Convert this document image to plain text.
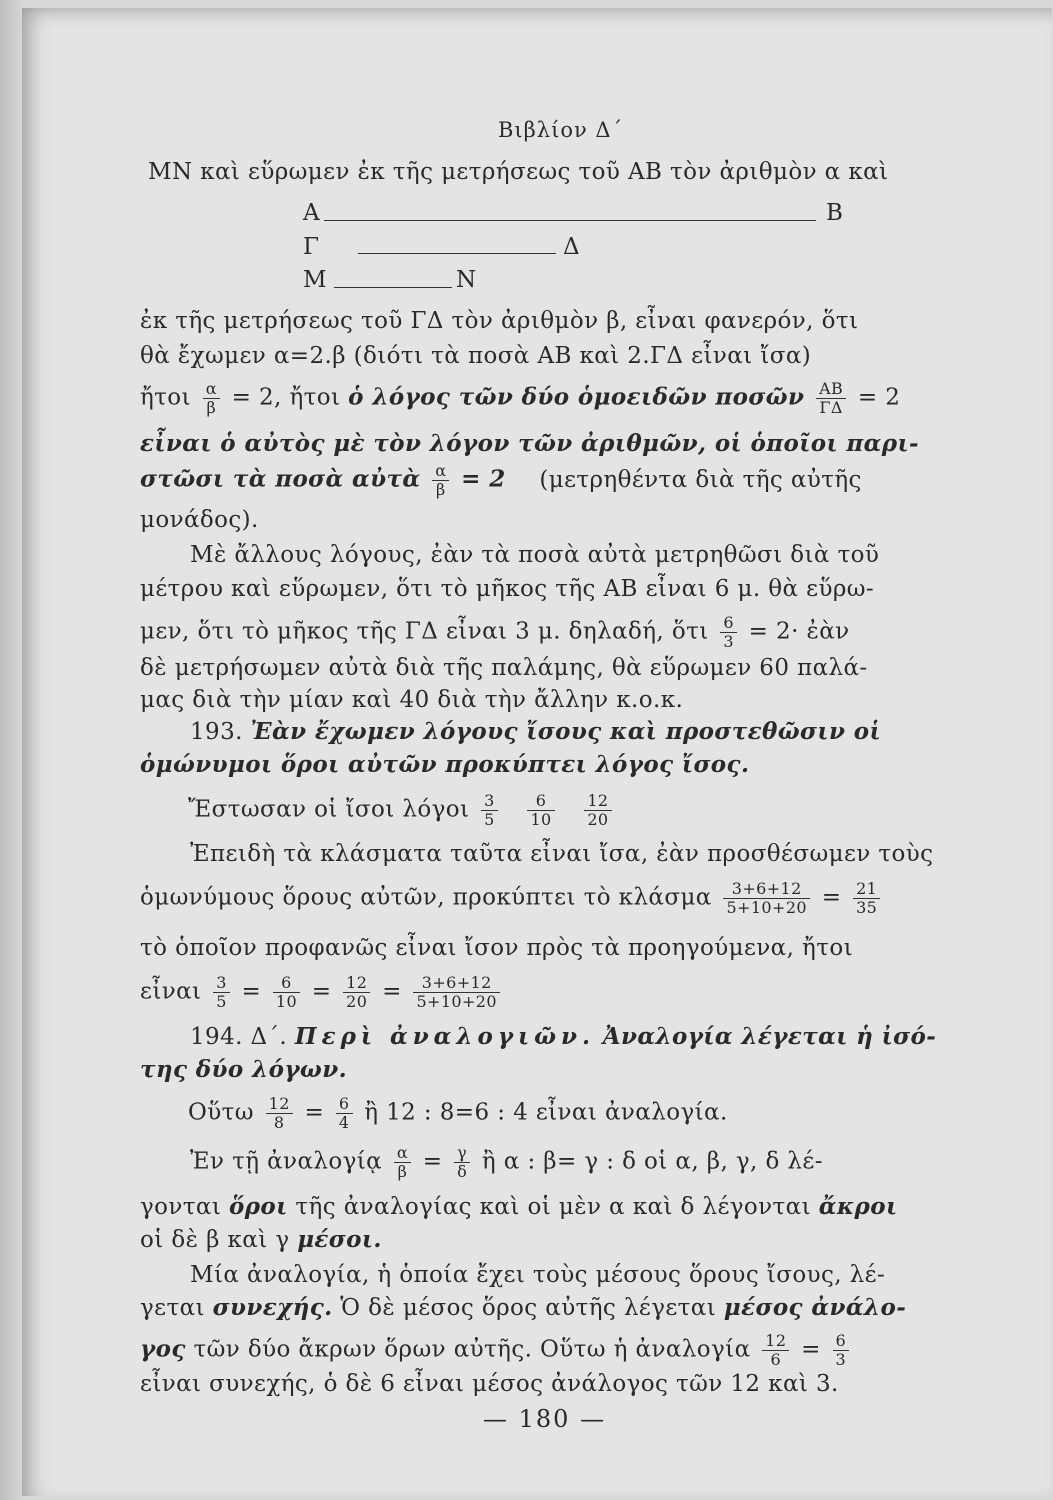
Βιβλίον Δ΄
MN καὶ εὕρωμεν ἐκ τῆς μετρήσεως τοῦ AB τὸν ἀριθμὸν α καὶ
A	B
Γ	Δ
M	N
ἐκ τῆς μετρήσεως τοῦ ΓΔ τὸν ἀριθμὸν β, εἶναι φανερόν, ὅτι
θὰ ἔχωμεν α=2.β (διότι τὰ ποσὰ AB καὶ 2.ΓΔ εἶναι ἴσα)
ἤτοι $\frac{\alpha}{\beta} = 2$, ἤτοι ὁ λόγος τῶν δύο ὁμοειδῶν ποσῶν $\frac{AB}{\Gamma\Delta} = 2$
εἶναι ὁ αὐτὸς μὲ τὸν λόγον τῶν ἀριθμῶν, οἱ ὁποῖοι παρι-
στῶσι τὰ ποσὰ αὐτὰ $\frac{\alpha}{\beta} = 2$ (μετρηθέντα διὰ τῆς αὐτῆς
μονάδος).
Μὲ ἄλλους λόγους, ἐὰν τὰ ποσὰ αὐτὰ μετρηθῶσι διὰ τοῦ
μέτρου καὶ εὕρωμεν, ὅτι τὸ μῆκος τῆς AB εἶναι 6 μ. θὰ εὕρω-
μεν, ὅτι τὸ μῆκος τῆς ΓΔ εἶναι 3 μ. δηλαδή, ὅτι $\frac{6}{3} = 2\cdot$ ἐὰν
δὲ μετρήσωμεν αὐτὰ διὰ τῆς παλάμης, θὰ εὕρωμεν 60 παλά-
μας διὰ τὴν μίαν καὶ 40 διὰ τὴν ἄλλην κ.ο.κ.
193. Ἐὰν ἔχωμεν λόγους ἴσους καὶ προστεθῶσιν οἱ
ὁμώνυμοι ὅροι αὐτῶν προκύπτει λόγος ἴσος.
Ἔστωσαν οἱ ἴσοι λόγοι $\frac{3}{5}$
$\frac{6}{10}$
$\frac{12}{20}$
Ἐπειδὴ τὰ κλάσματα ταῦτα εἶναι ἴσα, ἐὰν προσθέσωμεν τοὺς
ὁμωνύμους ὅρους αὐτῶν, προκύπτει τὸ κλάσμα $\frac{3+6+12}{5+10+20} = \frac{21}{35}$
τὸ ὁποῖον προφανῶς εἶναι ἴσον πρὸς τὰ προηγούμενα, ἤτοι
εἶναι $\frac{3}{5} = \frac{6}{10} = \frac{12}{20} = \frac{3+6+12}{5+10+20}$
194. Δ΄. Περὶ ἀναλογιῶν. Ἀναλογία λέγεται ἡ ἰσό-
της δύο λόγων.
Οὕτω $\frac{12}{8} = \frac{6}{4}$ ἢ 12 : 8=6 : 4 εἶναι ἀναλογία.
Ἐν τῇ ἀναλογίᾳ $\frac{\alpha}{\beta} = \frac{\gamma}{\delta}$ ἢ α : β= γ : δ οἱ α, β, γ, δ λέ-
γονται ὅροι τῆς ἀναλογίας καὶ οἱ μὲν α καὶ δ λέγονται ἄκροι
οἱ δὲ β καὶ γ μέσοι.
Μία ἀναλογία, ἡ ὁποία ἔχει τοὺς μέσους ὅρους ἴσους, λέ-
γεται συνεχής. Ὁ δὲ μέσος ὅρος αὐτῆς λέγεται μέσος ἀνάλο-
γος τῶν δύο ἄκρων ὅρων αὐτῆς. Οὕτω ἡ ἀναλογία $\frac{12}{6} = \frac{6}{3}$
εἶναι συνεχής, ὁ δὲ 6 εἶναι μέσος ἀνάλογος τῶν 12 καὶ 3.
— 180 —
